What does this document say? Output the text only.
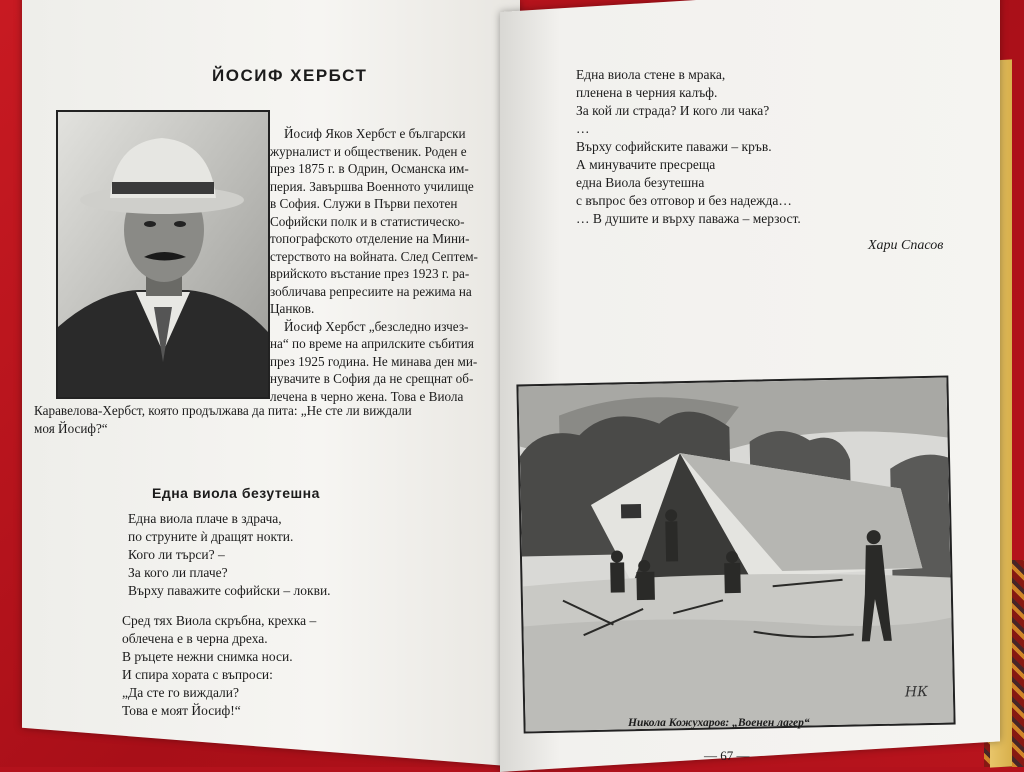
ЙОСИФ ХЕРБСТ

Йосиф Яков Хербст е български

журналист и общественик. Роден е
през 1875 г. в Одрин, Османска им-
перия. Завършва Военното училище
в София. Служи в Първи пехотен
Софийски полк и в статистическо-
топографското отделение на Мини-
стерството на войната. След Септем-
врийското въстание през 1923 г. ра-
зобличава репресиите на режима на
Цанков.

Йосиф Хербст „безследно изчез-

на“ по време на априлските събития
през 1925 година. Не минава ден ми-
нувачите в София да не срещнат об-
лечена в черно жена. Това е Виола

Каравелова-Хербст, която продължава да пита: „Не сте ли виждали

моя Йосиф?“

Една виола безутешна
Една виола плаче в здрача,
по струните ѝ дращят нокти.
Кого ли търси? –
За кого ли плаче?
Върху паважите софийски – локви.
Сред тях Виола скръбна, крехка –
облечена е в черна дреха.
В ръцете нежни снимка носи.
И спира хората с въпроси:
„Да сте го виждали?
Това е моят Йосиф!“
Една виола стене в мрака,
пленена в черния калъф.
За кой ли страда? И кого ли чака?
…
Върху софийските паважи – кръв.
А минувачите пресреща
една Виола безутешна
с въпрос без отговор и без надежда…
… В душите и върху паважа – мерзост.
Хари Спасов
НК
Никола Кожухаров: „Военен лагер“
— 67 —
